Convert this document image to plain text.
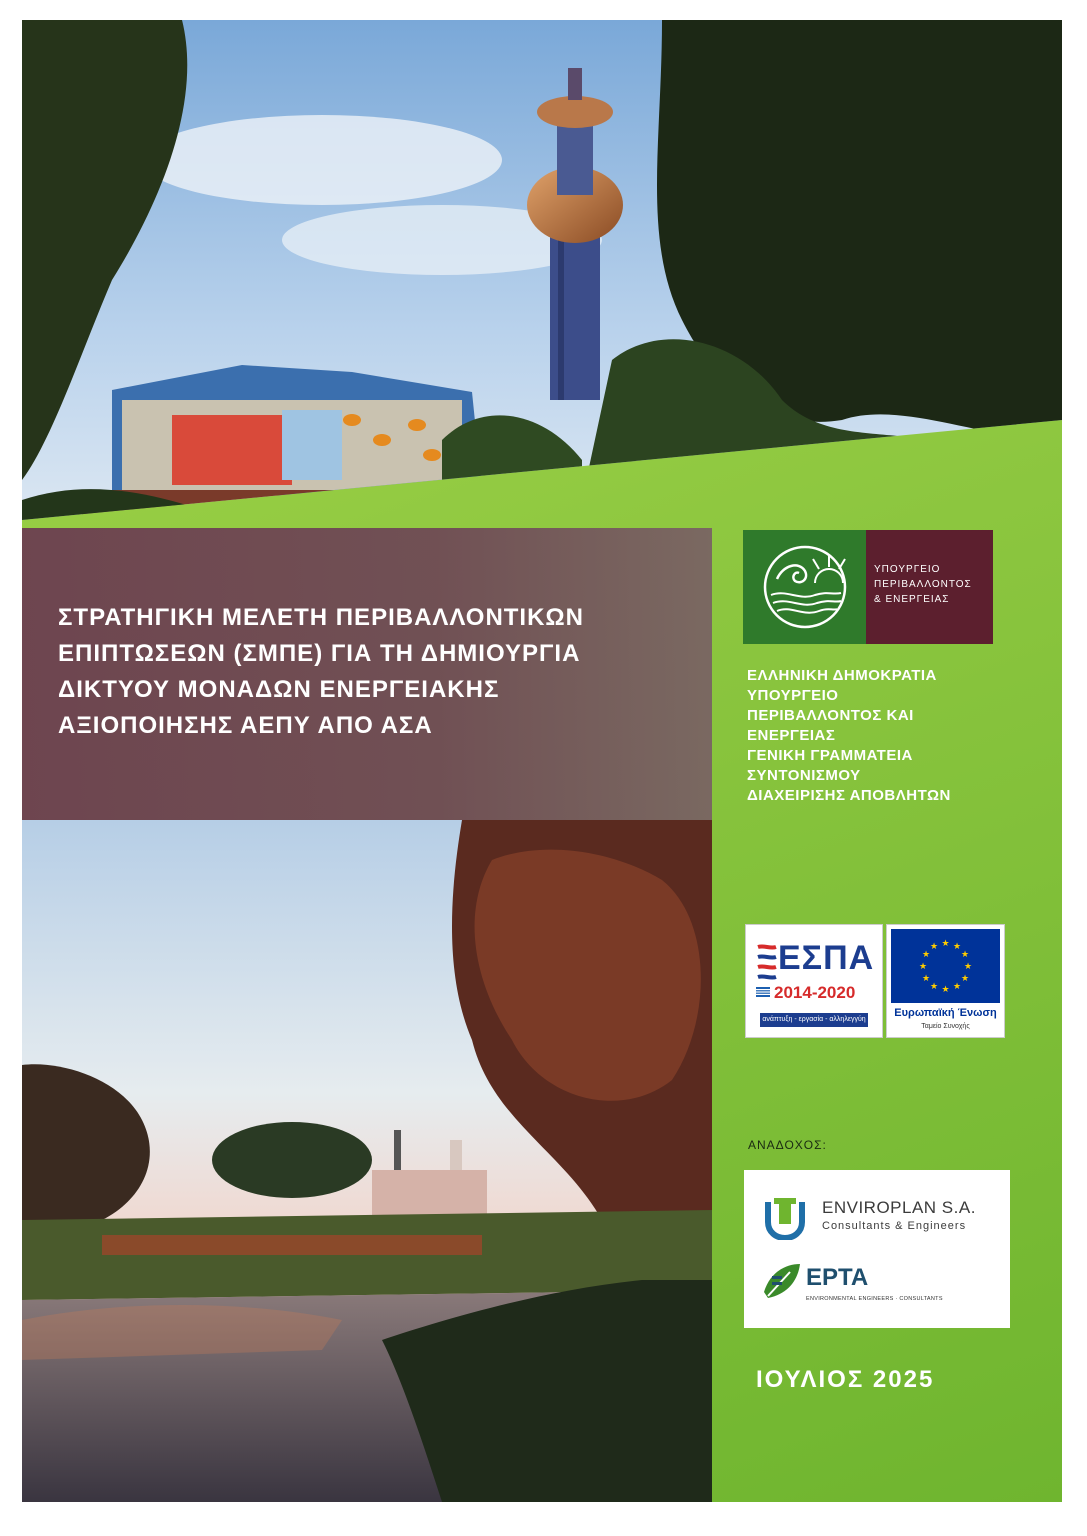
ΣΤΡΑΤΗΓΙΚΗ ΜΕΛΕΤΗ ΠΕΡΙΒΑΛΛΟΝΤΙΚΩΝ
ΕΠΙΠΤΩΣΕΩΝ (ΣΜΠΕ) ΓΙΑ ΤΗ ΔΗΜΙΟΥΡΓΙΑ
ΔΙΚΤΥΟΥ ΜΟΝΑΔΩΝ ΕΝΕΡΓΕΙΑΚΗΣ
ΑΞΙΟΠΟΙΗΣΗΣ ΑΕΠΥ ΑΠΟ ΑΣΑ
ΥΠΟΥΡΓΕΙΟ
ΠΕΡΙΒΑΛΛΟΝΤΟΣ
& ΕΝΕΡΓΕΙΑΣ
ΕΛΛΗΝΙΚΗ ΔΗΜΟΚΡΑΤΙΑ
ΥΠΟΥΡΓΕΙΟ
ΠΕΡΙΒΑΛΛΟΝΤΟΣ ΚΑΙ
ΕΝΕΡΓΕΙΑΣ
ΓΕΝΙΚΗ ΓΡΑΜΜΑΤΕΙΑ
ΣΥΝΤΟΝΙΣΜΟΥ
ΔΙΑΧΕΙΡΙΣΗΣ ΑΠΟΒΛΗΤΩΝ
ΕΣΠΑ
2014-2020
ανάπτυξη - εργασία - αλληλεγγύη
★ ★
★
★
★
★
★
★
★
★
★
★
Ευρωπαϊκή Ένωση
Ταμείο Συνοχής
ΑΝΑΔΟΧΟΣ:
ENVIROPLAN S.A.
Consultants & Engineers
EPTA
ENVIRONMENTAL ENGINEERS · CONSULTANTS
ΙΟΥΛΙΟΣ 2025
